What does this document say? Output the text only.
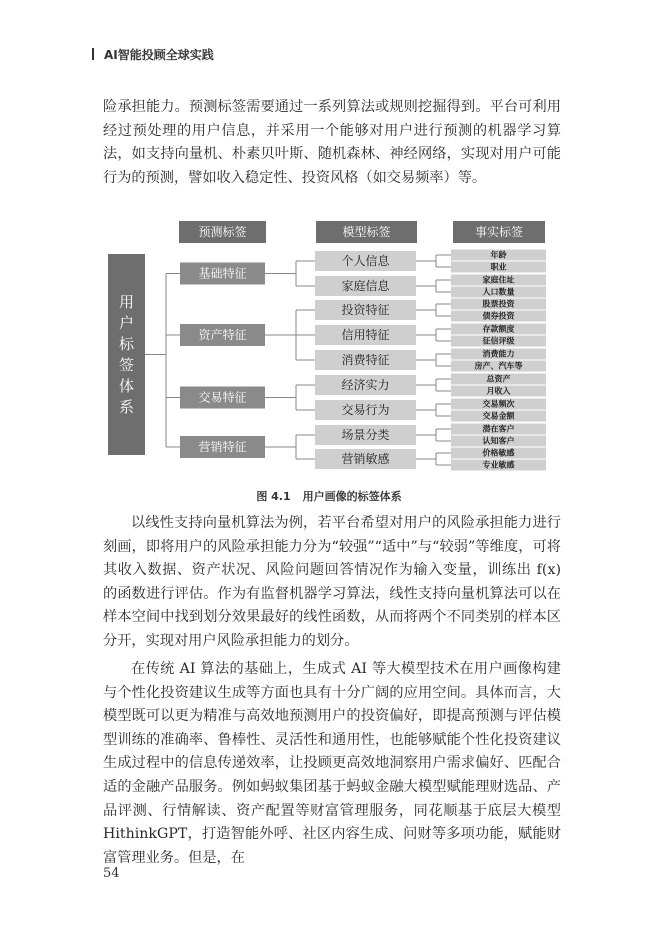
AI智能投顾全球实践

险承担能力。预测标签需要通过一系列算法或规则挖掘得到。平台可利用经过预处理的用户信息，并采用一个能够对用户进行预测的机器学习算法，如支持向量机、朴素贝叶斯、随机森林、神经网络，实现对用户可能行为的预测，譬如收入稳定性、投资风格（如交易频率）等。

预测标签	模型标签	事实标签
用户标签体系
年龄
职业
个人信息
家庭住址
人口数量
家庭信息
基础特征
股票投资
债券投资
投资特征
存款额度
征信评级
信用特征
消费能力
房产、汽车等
消费特征
资产特征
总资产
月收入
经济实力
交易频次
交易金额
交易行为
交易特征
潜在客户
认知客户
场景分类
价格敏感
专业敏感
营销敏感
营销特征
图 4.1 用户画像的标签体系

以线性支持向量机算法为例，若平台希望对用户的风险承担能力进行刻画，即将用户的风险承担能力分为“较强”“适中”与“较弱”等维度，可将其收入数据、资产状况、风险问题回答情况作为输入变量，训练出 f(x) 的函数进行评估。作为有监督机器学习算法，线性支持向量机算法可以在样本空间中找到划分效果最好的线性函数，从而将两个不同类别的样本区分开，实现对用户风险承担能力的划分。

在传统 AI 算法的基础上，生成式 AI 等大模型技术在用户画像构建与个性化投资建议生成等方面也具有十分广阔的应用空间。具体而言，大模型既可以更为精准与高效地预测用户的投资偏好，即提高预测与评估模型训练的准确率、鲁棒性、灵活性和通用性，也能够赋能个性化投资建议生成过程中的信息传递效率，让投顾更高效地洞察用户需求偏好、匹配合适的金融产品服务。例如蚂蚁集团基于蚂蚁金融大模型赋能理财选品、产品评测、行情解读、资产配置等财富管理服务，同花顺基于底层大模型 HithinkGPT，打造智能外呼、社区内容生成、问财等多项功能，赋能财富管理业务。但是，在

54
